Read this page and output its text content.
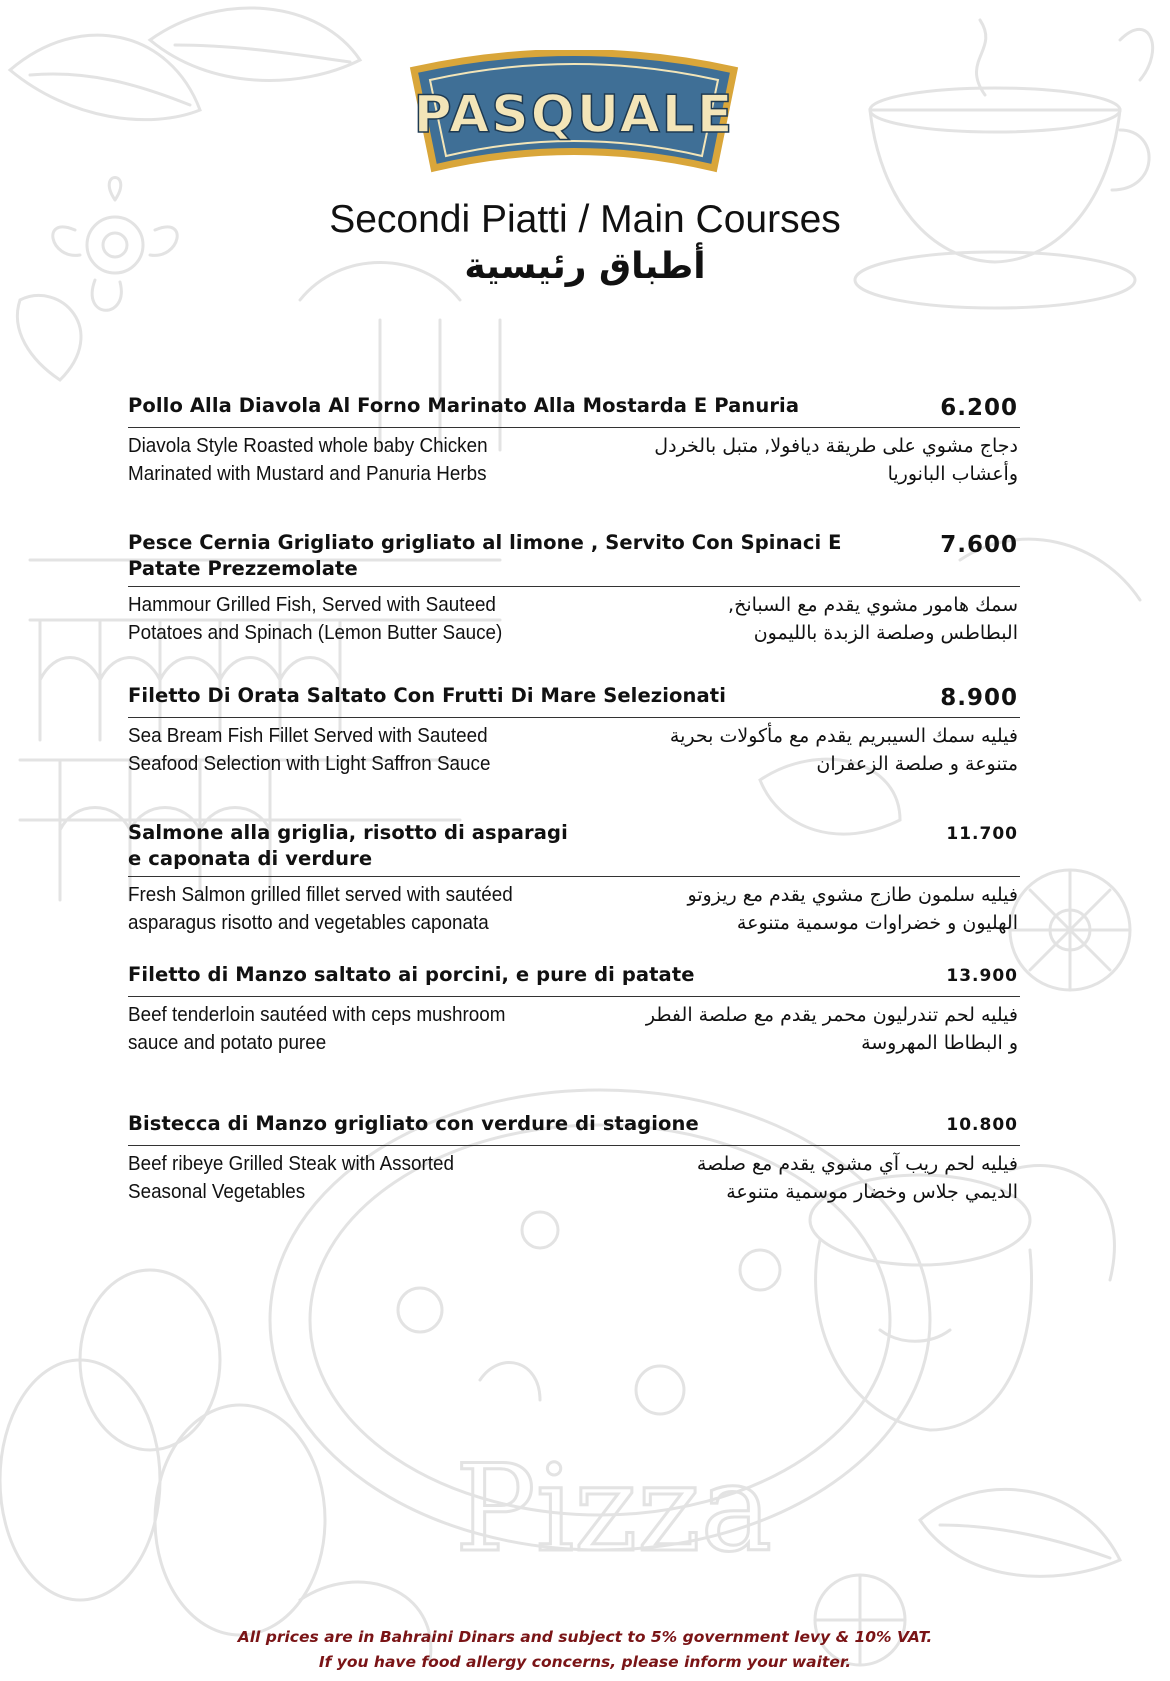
Pizza
PASQUALE
Secondi Piatti / Main Courses
أطباق رئيسية
Pollo Alla Diavola Al Forno Marinato Alla Mostarda E Panuria	6.200
Diavola Style Roasted whole baby Chicken
Marinated with Mustard and Panuria Herbs
دجاج مشوي على طريقة ديافولا, متبل بالخردل
وأعشاب البانوريا
Pesce Cernia Grigliato grigliato al limone , Servito Con Spinaci E Patate Prezzemolate
7.600
Hammour Grilled Fish, Served with Sauteed
Potatoes and Spinach (Lemon Butter Sauce)
سمك هامور مشوي يقدم مع السبانخ,
البطاطس وصلصة الزبدة بالليمون
Filetto Di Orata Saltato Con Frutti Di Mare Selezionati	8.900
Sea Bream Fish Fillet Served with Sauteed
Seafood Selection with Light Saffron Sauce
فيليه سمك السيبريم يقدم مع مأكولات بحرية
متنوعة و صلصة الزعفران
Salmone alla griglia, risotto di asparagi e caponata di verdure
11.700
Fresh Salmon grilled fillet served with sautéed
asparagus risotto and vegetables caponata
فيليه سلمون طازج مشوي يقدم مع ريزوتو
الهليون و خضراوات موسمية متنوعة
Filetto di Manzo saltato ai porcini, e pure di patate	13.900
Beef tenderloin sautéed with ceps mushroom
sauce and potato puree
فيليه لحم تندرليون محمر يقدم مع صلصة الفطر
و البطاطا المهروسة
Bistecca di Manzo grigliato con verdure di stagione	10.800
Beef ribeye Grilled Steak with Assorted
Seasonal Vegetables
فيليه لحم ريب آي مشوي يقدم مع صلصة
الديمي جلاس وخضار موسمية متنوعة
All prices are in Bahraini Dinars and subject to 5% government levy & 10% VAT.
If you have food allergy concerns, please inform your waiter.
